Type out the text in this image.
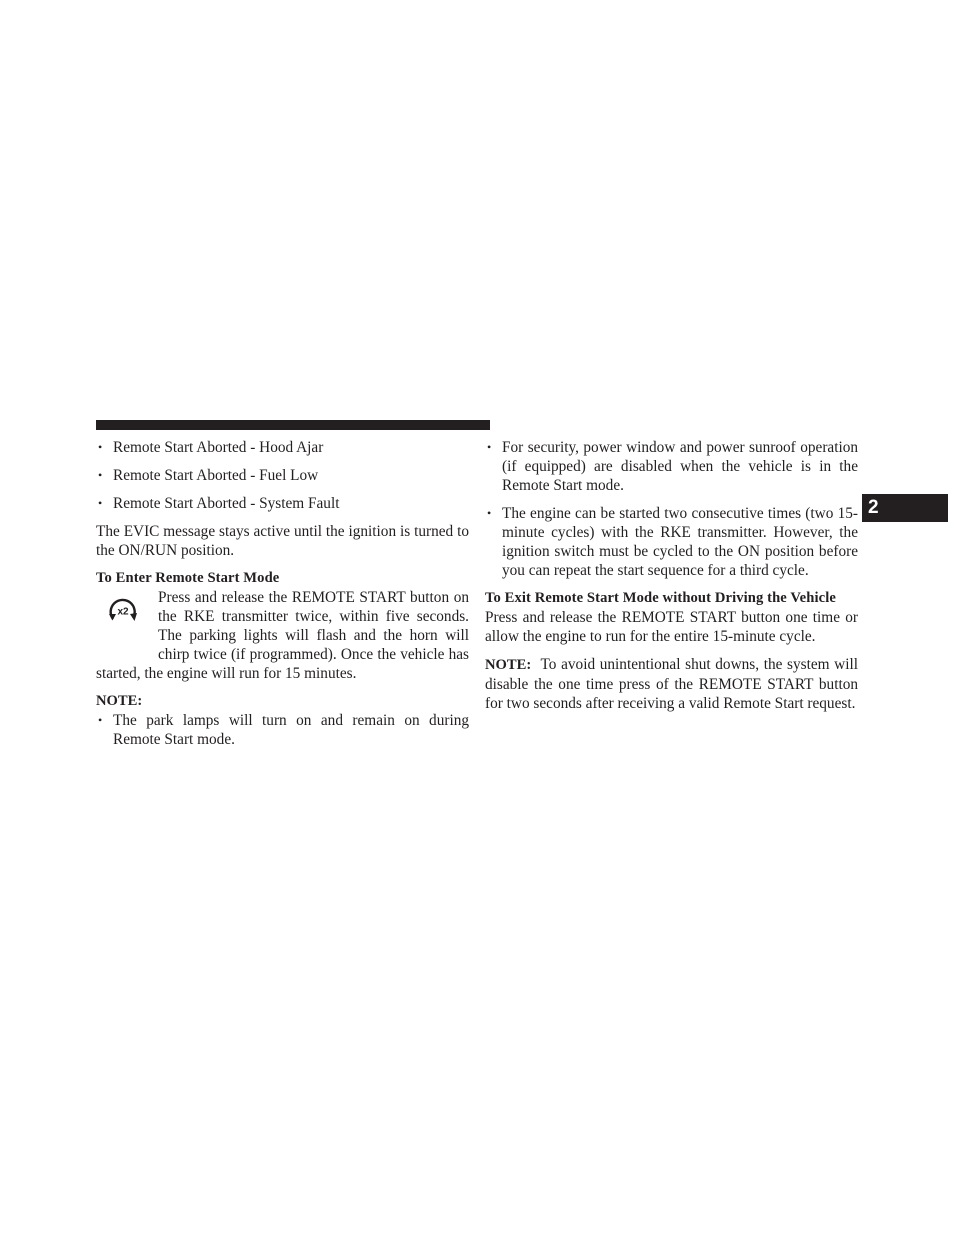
2
• Remote Start Aborted - Hood Ajar
• Remote Start Aborted - Fuel Low
• Remote Start Aborted - System Fault

The EVIC message stays active until the ignition is turned to the ON/RUN position.

To Enter Remote Start Mode
x2

Press and release the REMOTE START button on the RKE transmitter twice, within five seconds. The parking lights will flash and the horn will chirp twice (if programmed). Once the vehicle has started, the engine will run for 15 minutes.

NOTE:
• The park lamps will turn on and remain on during Remote Start mode.
• For security, power window and power sunroof operation (if equipped) are disabled when the vehicle is in the Remote Start mode.
• The engine can be started two consecutive times (two 15-minute cycles) with the RKE transmitter. However, the ignition switch must be cycled to the ON position before you can repeat the start sequence for a third cycle.
To Exit Remote Start Mode without Driving the Vehicle

Press and release the REMOTE START button one time or allow the engine to run for the entire 15-minute cycle.

NOTE: To avoid unintentional shut downs, the system will disable the one time press of the REMOTE START button for two seconds after receiving a valid Remote Start request.
